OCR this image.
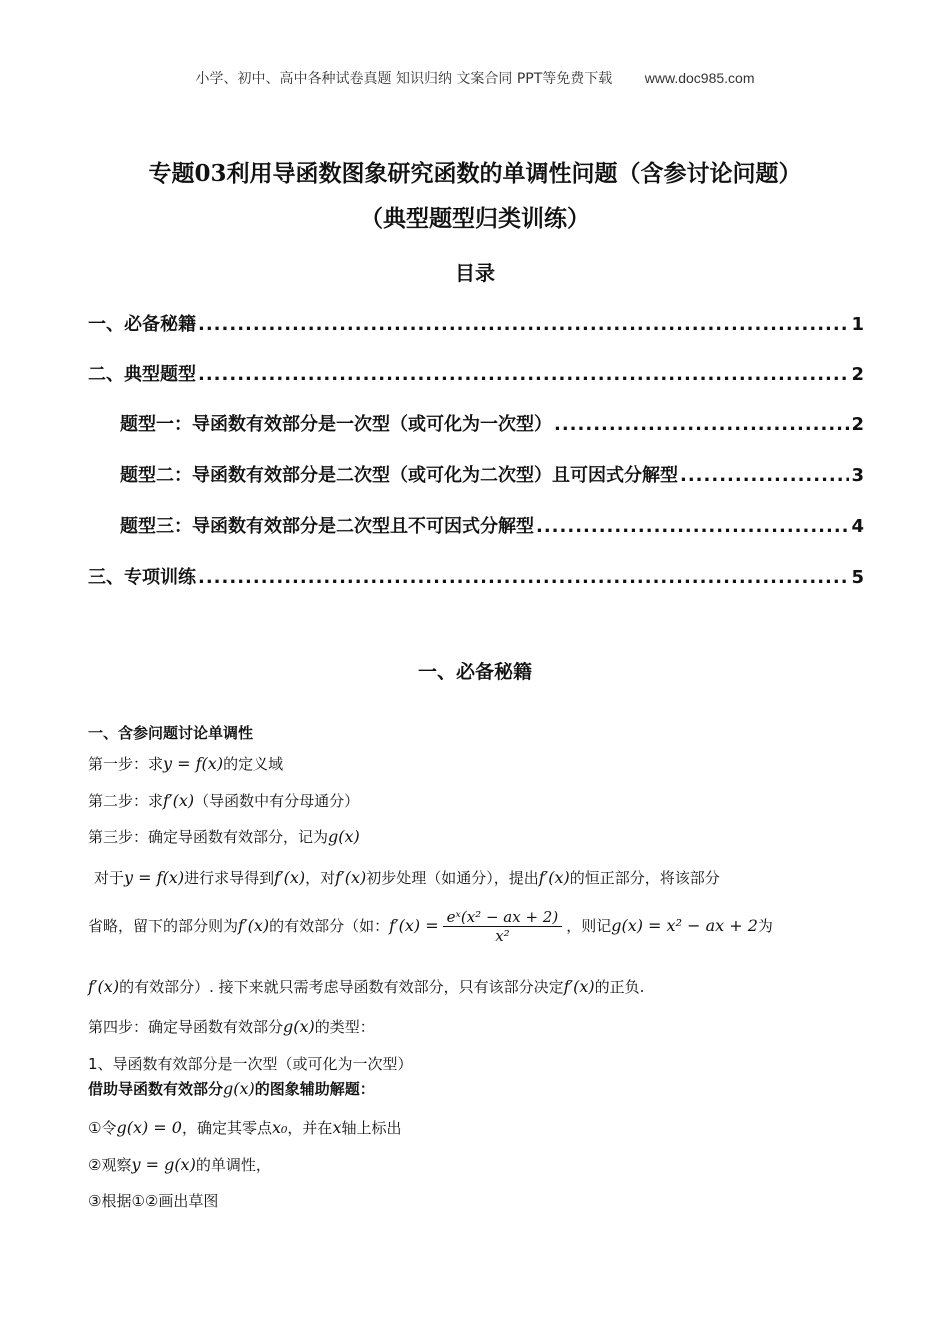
小学、初中、高中各种试卷真题 知识归纳 文案合同 PPT等免费下载 www.doc985.com
专题03利用导函数图象研究函数的单调性问题（含参讨论问题）
（典型题型归类训练）
目录
一、必备秘籍 .....	1
二、典型题型 .....	2
题型一：导函数有效部分是一次型（或可化为一次型） .....	2
题型二：导函数有效部分是二次型（或可化为二次型）且可因式分解型 .....	3
题型三：导函数有效部分是二次型且不可因式分解型 .....	4
三、专项训练 .....	5
一、必备秘籍
一、含参问题讨论单调性
第一步：求y = f(x)的定义域
第二步：求f′(x)（导函数中有分母通分）
第三步：确定导函数有效部分，记为g(x)
对于y = f(x)进行求导得到f′(x)，对f′(x)初步处理（如通分），提出f′(x)的恒正部分，将该部分
省略，留下的部分则为f′(x)的有效部分（如：$f'(x) = \frac{\text{eˣ(x² − ax + 2)}}{\text{x²}}$ ，则记g(x) = x² − ax + 2为
f′(x)的有效部分）. 接下来就只需考虑导函数有效部分，只有该部分决定f′(x)的正负.
第四步：确定导函数有效部分g(x)的类型：
1、导函数有效部分是一次型（或可化为一次型）
借助导函数有效部分g(x)的图象辅助解题：
①令g(x) = 0，确定其零点x₀，并在x轴上标出
②观察y = g(x)的单调性，
③根据①②画出草图
